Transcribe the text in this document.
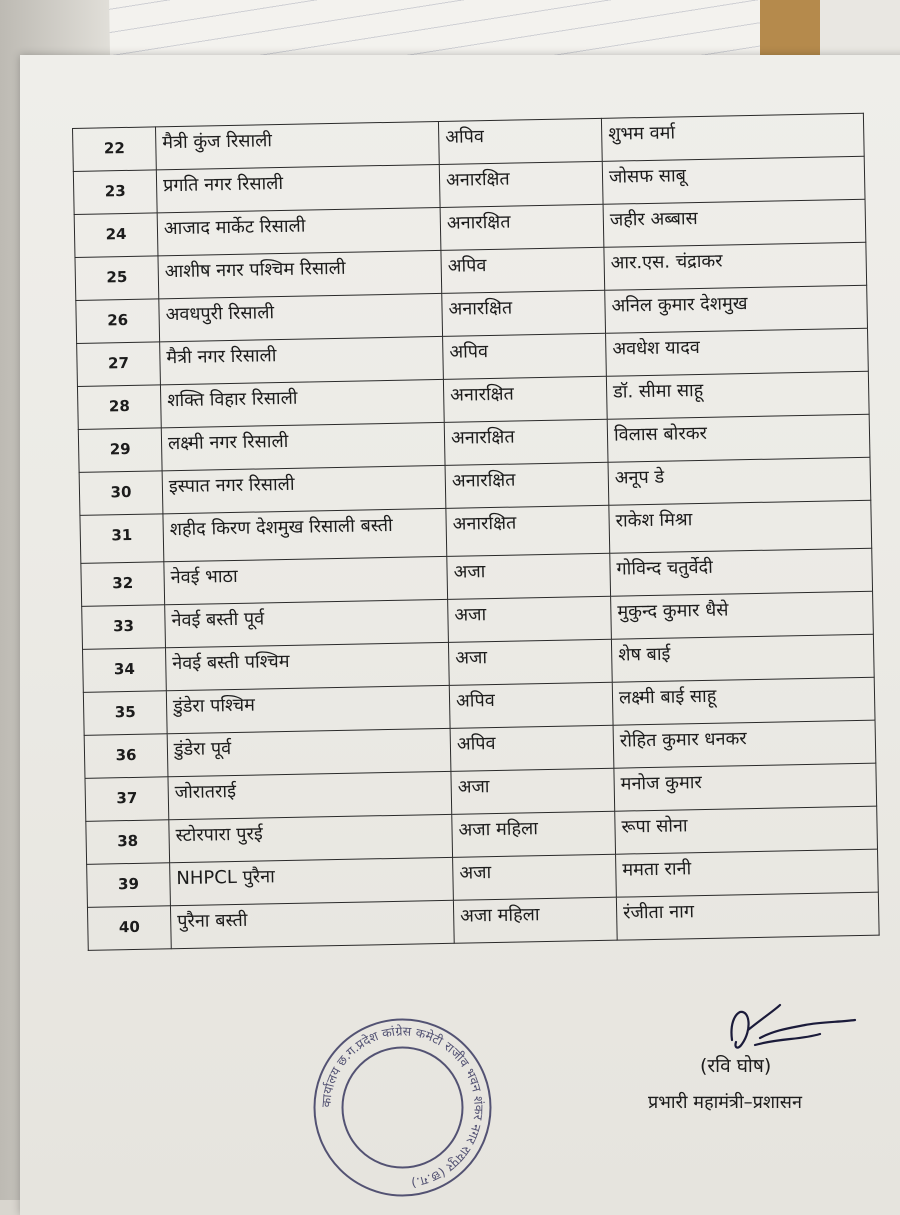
22	मैत्री कुंज रिसाली	अपिव	शुभम वर्मा
23	प्रगति नगर रिसाली	अनारक्षित	जोसफ साबू
24	आजाद मार्केट रिसाली	अनारक्षित	जहीर अब्बास
25	आशीष नगर पश्चिम रिसाली	अपिव	आर.एस. चंद्राकर
26	अवधपुरी रिसाली	अनारक्षित	अनिल कुमार देशमुख
27	मैत्री नगर रिसाली	अपिव	अवधेश यादव
28	शक्ति विहार रिसाली	अनारक्षित	डॉ. सीमा साहू
29	लक्ष्मी नगर रिसाली	अनारक्षित	विलास बोरकर
30	इस्पात नगर रिसाली	अनारक्षित	अनूप डे
31	शहीद किरण देशमुख रिसाली बस्ती	अनारक्षित	राकेश मिश्रा
32	नेवई भाठा	अजा	गोविन्द चतुर्वेदी
33	नेवई बस्ती पूर्व	अजा	मुकुन्द कुमार धैसे
34	नेवई बस्ती पश्चिम	अजा	शेष बाई
35	डुंडेरा पश्चिम	अपिव	लक्ष्मी बाई साहू
36	डुंडेरा पूर्व	अपिव	रोहित कुमार धनकर
37	जोरातराई	अजा	मनोज कुमार
38	स्टोरपारा पुरई	अजा महिला	रूपा सोना
39	NHPCL पुरैना	अजा	ममता रानी
40	पुरैना बस्ती	अजा महिला	रंजीता नाग
(रवि घोष)
प्रभारी महामंत्री–प्रशासन
कार्यालय छ.ग.प्रदेश कांग्रेस कमेटी राजीव भवन शंकर नगर रायपुर (छ.ग.)
